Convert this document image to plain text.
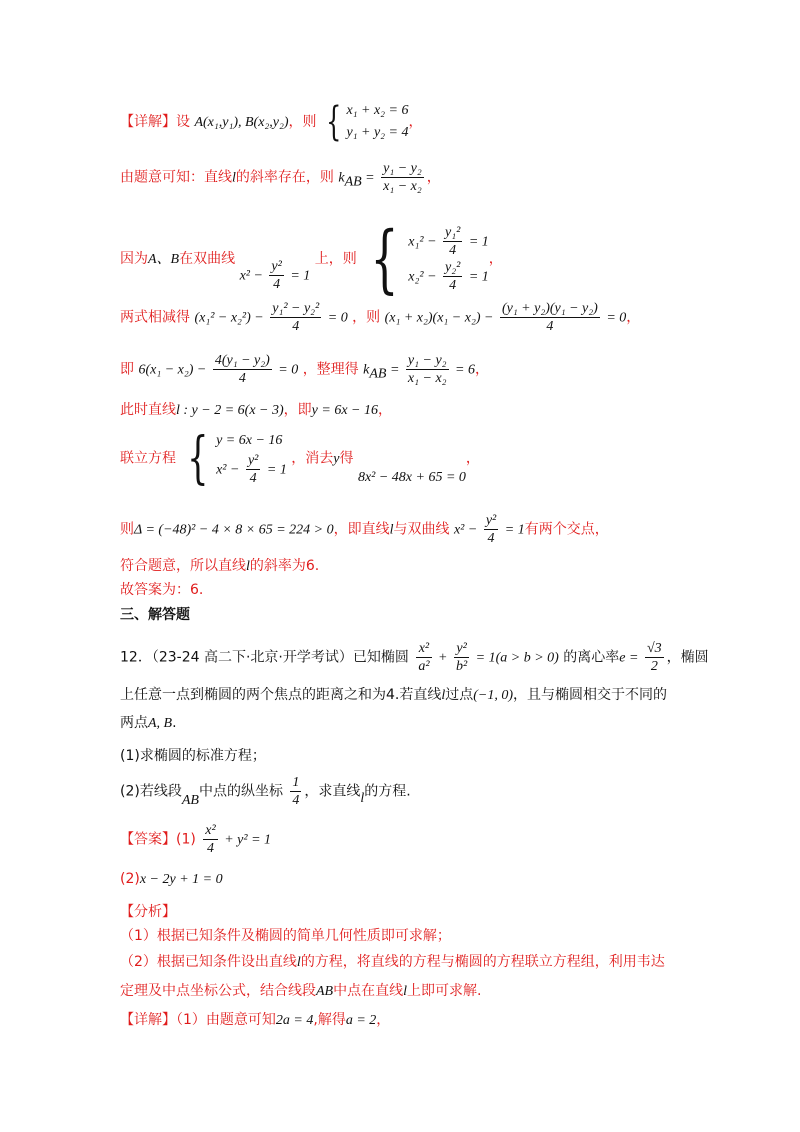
【详解】设 A(x₁,y₁), B(x₂,y₂)，则 { x₁ + x₂ = 6
y₁ + y₂ = 4
，
由题意可知：直线l的斜率存在，则 $k_{AB} = \frac{\text{y₁ − y₂}}{\text{x₁ − x₂}}$ ，
因为A、B在双曲线 $x^2 - \frac{\text{y²}}{4} = 1$ 上，则 { $x_1^2 - \frac{\text{y₁²}}{4} = 1$
$x_2^2 - \frac{\text{y₂²}}{4} = 1$
，
两式相减得 $(x_1^2 - x_2^2) - \frac{\text{y₁² − y₂²}}{4} = 0$ ，则 $(x_1 + x_2)(x_1 - x_2) - \frac{\text{(y₁ + y₂)(y₁ − y₂)}}{4} = 0$，
即 $6(x_1 - x_2) - \frac{\text{4(y₁ − y₂)}}{4} = 0$ ，整理得 $k_{AB} = \frac{\text{y₁ − y₂}}{\text{x₁ − x₂}} = 6$，
此时直线l : y − 2 = 6(x − 3)，即y = 6x − 16，
联立方程 { y = 6x − 16
$x^2 - \frac{\text{y²}}{4} = 1$
，消去y得 8x² − 48x + 65 = 0，
则Δ = (−48)² − 4 × 8 × 65 = 224 > 0，即直线l与双曲线 $x^2 - \frac{\text{y²}}{4} = 1$有两个交点，
符合题意，所以直线l的斜率为6.
故答案为：6.
三、解答题
12．（23-24 高二下·北京·开学考试）已知椭圆 $\frac{\text{x²}}{\text{a²}} + \frac{\text{y²}}{\text{b²}} = 1(a > b > 0)$ 的离心率$e = \frac{√3}{2}$ ，椭圆
上任意一点到椭圆的两个焦点的距离之和为4.若直线l过点(−1, 0)，且与椭圆相交于不同的
两点A, B.
(1)求椭圆的标准方程；
(2)若线段AB中点的纵坐标 $\frac{1}{4}$ ，求直线l的方程.
【答案】$(1) \frac{\text{x²}}{4} + y^2 = 1$
(2)x − 2y + 1 = 0
【分析】
（1）根据已知条件及椭圆的简单几何性质即可求解；
（2）根据已知条件设出直线l的方程，将直线的方程与椭圆的方程联立方程组，利用韦达
定理及中点坐标公式，结合线段AB中点在直线l上即可求解.
【详解】（1）由题意可知2a = 4,解得a = 2，
